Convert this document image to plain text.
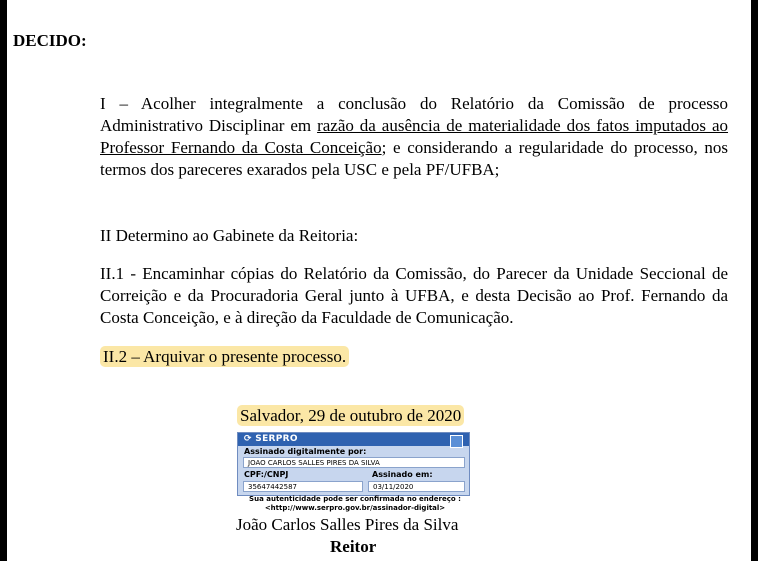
DECIDO:
I – Acolher integralmente a conclusão do Relatório da Comissão de processo Administrativo Disciplinar em razão da ausência de materialidade dos fatos imputados ao Professor Fernando da Costa Conceição; e considerando a regularidade do processo, nos termos dos pareceres exarados pela USC e pela PF/UFBA;
II Determino ao Gabinete da Reitoria:
II.1 - Encaminhar cópias do Relatório da Comissão, do Parecer da Unidade Seccional de Correição e da Procuradoria Geral junto à UFBA, e desta Decisão ao Prof. Fernando da Costa Conceição, e à direção da Faculdade de Comunicação.
II.2 – Arquivar o presente processo.
Salvador, 29 de outubro de 2020
⟳ SERPRO
Assinado digitalmente por:
JOAO CARLOS SALLES PIRES DA SILVA
CPF:/CNPJ	Assinado em:
35647442587	03/11/2020
Sua autenticidade pode ser confirmada no endereço :
<http://www.serpro.gov.br/assinador-digital>
João Carlos Salles Pires da Silva
Reitor
